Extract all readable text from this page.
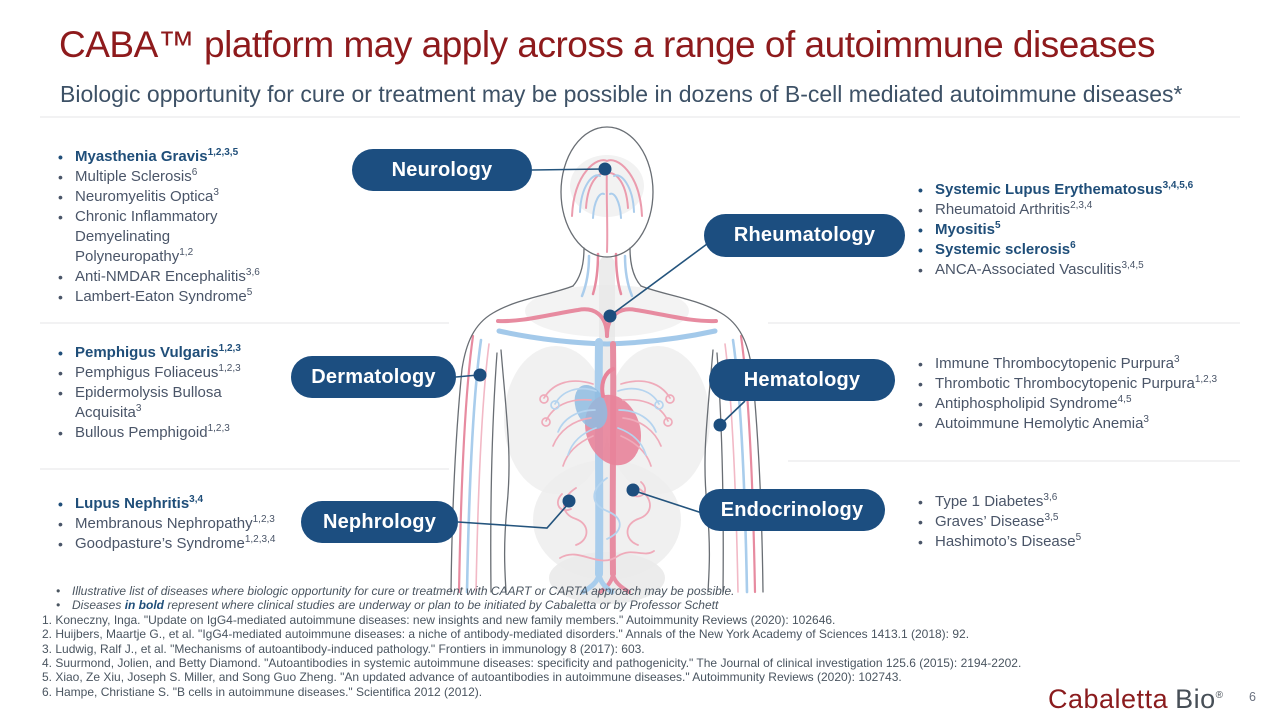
CABA™ platform may apply across a range of autoimmune diseases
Biologic opportunity for cure or treatment may be possible in dozens of B-cell mediated autoimmune diseases*
Neurology
Rheumatology
Dermatology	Hematology
Nephrology
Endocrinology
• Myasthenia Gravis$^{1,2,3,5}$
• Multiple Sclerosis$^6$
• Neuromyelitis Optica$^3$
• Chronic Inflammatory Demyelinating Polyneuropathy$^{1,2}$
• Anti-NMDAR Encephalitis$^{3,6}$
• Lambert-Eaton Syndrome$^5$
• Systemic Lupus Erythematosus$^{3,4,5,6}$
• Rheumatoid Arthritis$^{2,3,4}$
• Myositis$^5$
• Systemic sclerosis$^6$
• ANCA-Associated Vasculitis$^{3,4,5}$
• Pemphigus Vulgaris$^{1,2,3}$
• Pemphigus Foliaceus$^{1,2,3}$
• Epidermolysis Bullosa Acquisita$^3$
• Bullous Pemphigoid$^{1,2,3}$
• Immune Thrombocytopenic Purpura$^3$
• Thrombotic Thrombocytopenic Purpura$^{1,2,3}$
• Antiphospholipid Syndrome$^{4,5}$
• Autoimmune Hemolytic Anemia$^3$
• Lupus Nephritis$^{3,4}$
• Membranous Nephropathy$^{1,2,3}$
• Goodpasture’s Syndrome$^{1,2,3,4}$
• Type 1 Diabetes$^{3,6}$
• Graves’ Disease$^{3,5}$
• Hashimoto’s Disease$^5$
• Illustrative list of diseases where biologic opportunity for cure or treatment with CAART or CARTA approach may be possible.
• Diseases in bold represent where clinical studies are underway or plan to be initiated by Cabaletta or by Professor Schett
1. Koneczny, Inga. "Update on IgG4-mediated autoimmune diseases: new insights and new family members." Autoimmunity Reviews (2020): 102646.
2. Huijbers, Maartje G., et al. "IgG4-mediated autoimmune diseases: a niche of antibody-mediated disorders." Annals of the New York Academy of Sciences 1413.1 (2018): 92.
3. Ludwig, Ralf J., et al. "Mechanisms of autoantibody-induced pathology." Frontiers in immunology 8 (2017): 603.
4. Suurmond, Jolien, and Betty Diamond. "Autoantibodies in systemic autoimmune diseases: specificity and pathogenicity." The Journal of clinical investigation 125.6 (2015): 2194-2202.
5. Xiao, Ze Xiu, Joseph S. Miller, and Song Guo Zheng. "An updated advance of autoantibodies in autoimmune diseases." Autoimmunity Reviews (2020): 102743.
6. Hampe, Christiane S. "B cells in autoimmune diseases." Scientifica 2012 (2012).	Cabaletta Bio® 6
